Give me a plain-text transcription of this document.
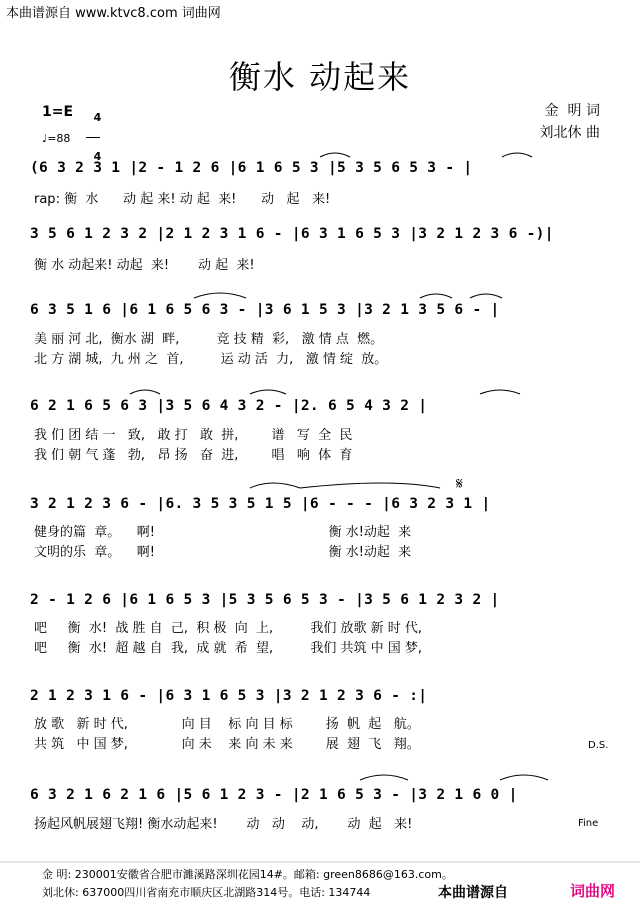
本曲谱源自 www.ktvc8.com 词曲网
衡水 动起来
1=E	4

4

♩=88
金  明 词
刘北休 曲
(6 3 2 3 1 |2 - 1 2 6 |6 1 6 5 3 |5 3 5 6 5 3 - |
rap: 衡  水      动 起 来! 动 起  来!      动   起   来!
3 5 6 1 2 3 2 |2 1 2 3 1 6 - |6 3 1 6 5 3 |3 2 1 2 3 6 -)|
衡 水 动起来! 动起  来!       动 起  来!
6 3 5 1 6 |6 1 6 5 6 3 - |3 6 1 5 3 |3 2 1 3 5 6 - |
美 丽 河 北,  衡水 湖  畔,         竞 技 精  彩,   激 情 点  燃。
北 方 湖 城,  九 州 之  首,         运 动 活  力,   激 情 绽  放。
6 2 1 6 5 6 3 |3 5 6 4 3 2 - |2. 6 5 4 3 2 |
我 们 团 结 一   致,   敢 打   敢  拼,        谱   写  全  民
我 们 朝 气 蓬   勃,   昂 扬   奋  进,        唱   响  体  育
3 2 1 2 3 6 - |6. 3 5 3 5 1 5 |6 - - - |6 3 2 3 1 |
健身的篇  章。    啊!                                          衡 水!动起  来
文明的乐  章。    啊!                                          衡 水!动起  来
2 - 1 2 6 |6 1 6 5 3 |5 3 5 6 5 3 - |3 5 6 1 2 3 2 |
吧     衡  水!  战 胜 自  己,  积 极  向  上,         我们 放歌 新 时 代,
吧     衡  水!  超 越 自  我,  成 就  希  望,         我们 共筑 中 国 梦,
2 1 2 3 1 6 - |6 3 1 6 5 3 |3 2 1 2 3 6 - :|
放 歌   新 时 代,             向 目    标 向 目 标        扬  帆  起   航。
共 筑   中 国 梦,             向 未    来 向 未 来        展  翅  飞   翔。
6 3 2 1 6 2 1 6 |5 6 1 2 3 - |2 1 6 5 3 - |3 2 1 6 0 |
扬起风帆展翅飞翔! 衡水动起来!       动   动    动,       动  起   来!
D.S.
Fine
𝄋
金 明: 230001安徽省合肥市濉溪路深圳花园14#。邮箱: green8686@163.com。
刘北休: 637000四川省南充市顺庆区北湖路314号。电话: 134744	本曲谱源自	词曲网
